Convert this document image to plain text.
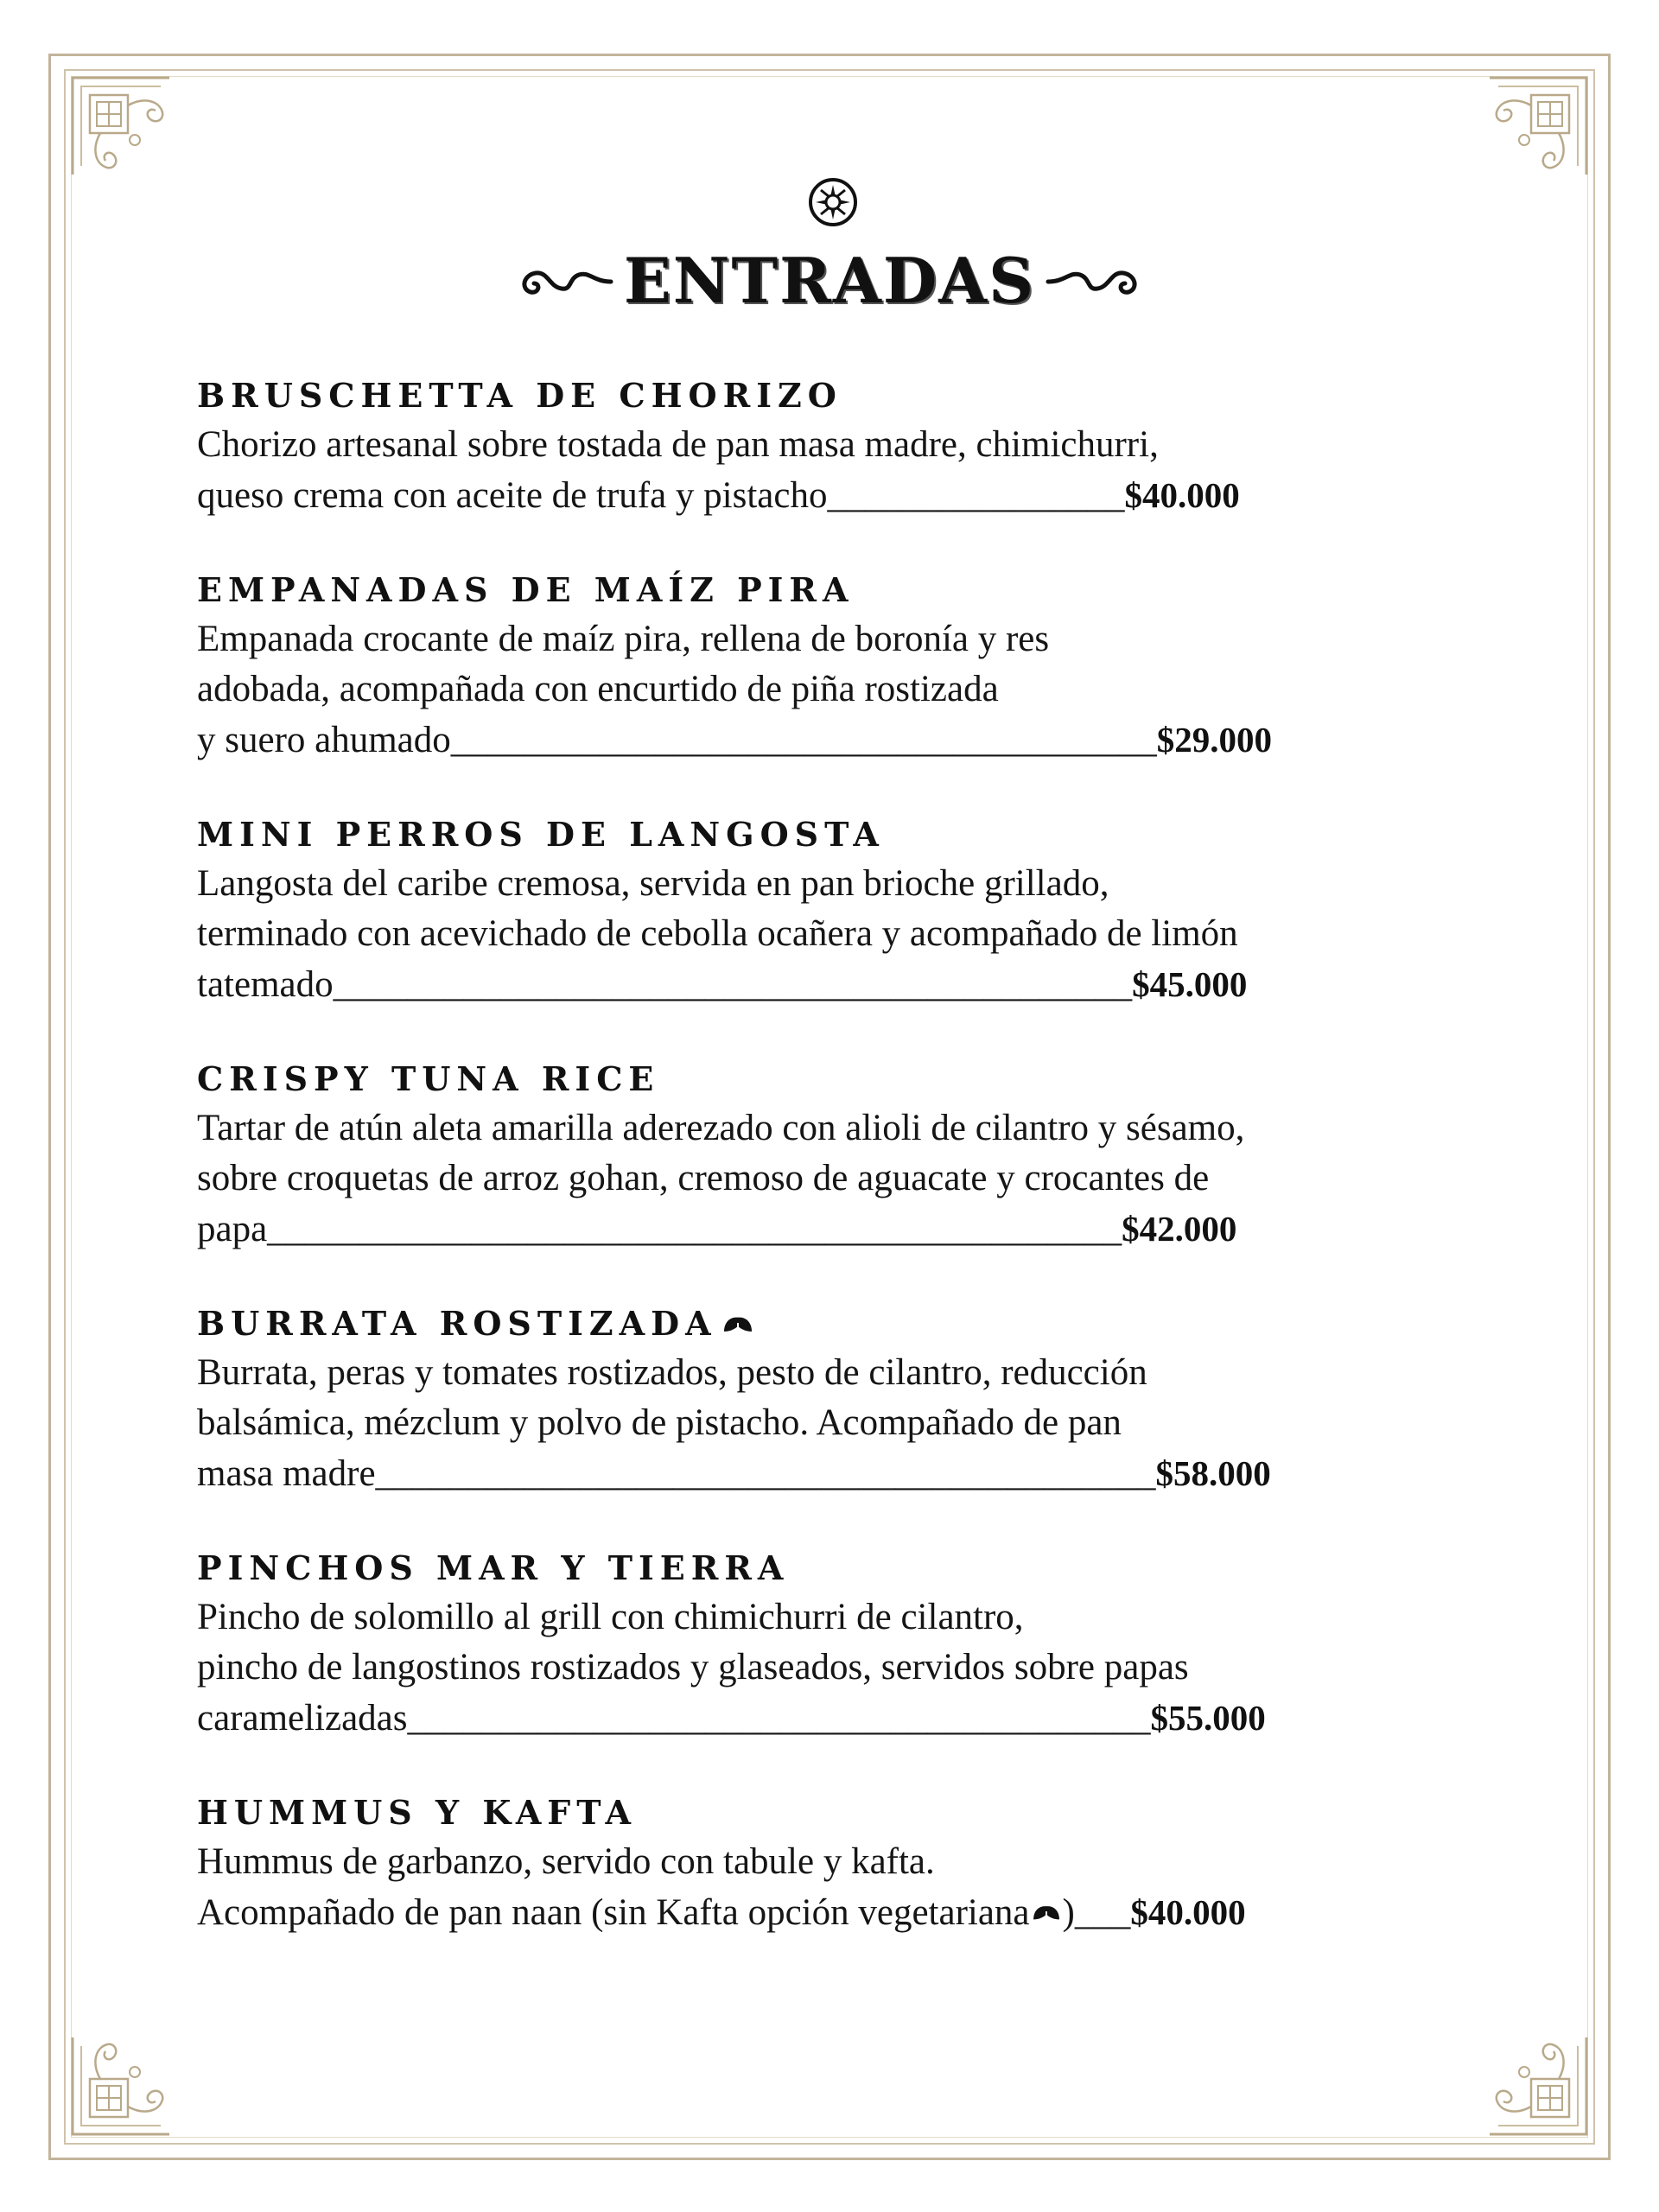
ENTRADAS
BRUSCHETTA DE CHORIZO
Chorizo artesanal sobre tostada de pan masa madre, chimichurri,
queso crema con aceite de trufa y pistacho________________ $40.000
EMPANADAS DE MAÍZ PIRA
Empanada crocante de maíz pira, rellena de boronía y res
adobada, acompañada con encurtido de piña rostizada
y suero ahumado______________________________________ $29.000
MINI PERROS DE LANGOSTA
Langosta del caribe cremosa, servida en pan brioche grillado,
terminado con acevichado de cebolla ocañera y acompañado de limón
tatemado___________________________________________ $45.000
CRISPY TUNA RICE
Tartar de atún aleta amarilla aderezado con alioli de cilantro y sésamo,
sobre croquetas de arroz gohan, cremoso de aguacate y crocantes de
papa______________________________________________ $42.000
BURRATA ROSTIZADA
Burrata, peras y tomates rostizados, pesto de cilantro, reducción
balsámica, mézclum y polvo de pistacho. Acompañado de pan
masa madre__________________________________________ $58.000
PINCHOS MAR Y TIERRA
Pincho de solomillo al grill con chimichurri de cilantro,
pincho de langostinos rostizados y glaseados, servidos sobre papas
caramelizadas________________________________________ $55.000
HUMMUS Y KAFTA
Hummus de garbanzo, servido con tabule y kafta.
Acompañado de pan naan (sin Kafta opción vegetariana )___ $40.000
